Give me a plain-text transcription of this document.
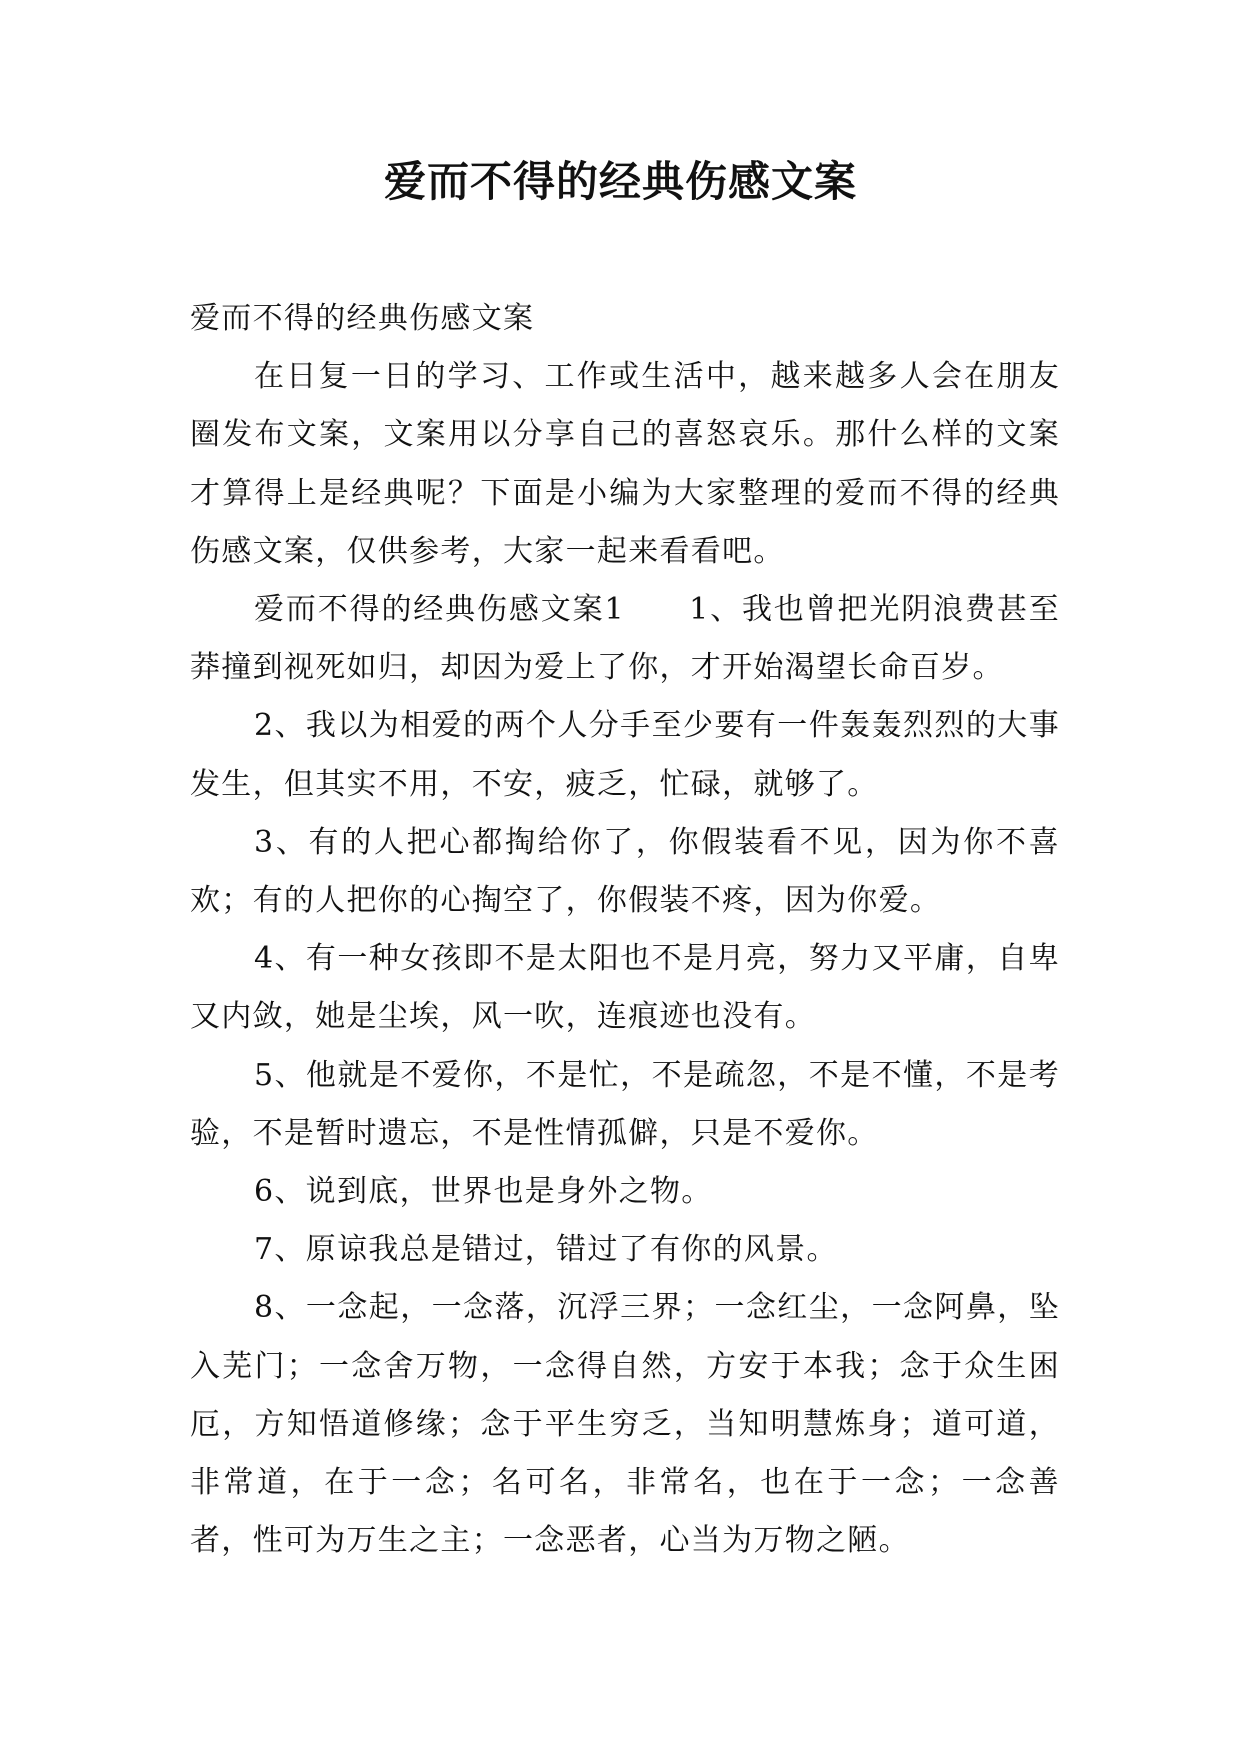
爱而不得的经典伤感文案

爱而不得的经典伤感文案

在日复一日的学习、工作或生活中，越来越多人会在朋友圈发布文案，文案用以分享自己的喜怒哀乐。那什么样的文案才算得上是经典呢？下面是小编为大家整理的爱而不得的经典伤感文案，仅供参考，大家一起来看看吧。

爱而不得的经典伤感文案1　　1、我也曾把光阴浪费甚至莽撞到视死如归，却因为爱上了你，才开始渴望长命百岁。

2、我以为相爱的两个人分手至少要有一件轰轰烈烈的大事发生，但其实不用，不安，疲乏，忙碌，就够了。

3、有的人把心都掏给你了，你假装看不见，因为你不喜欢；有的人把你的心掏空了，你假装不疼，因为你爱。

4、有一种女孩即不是太阳也不是月亮，努力又平庸，自卑又内敛，她是尘埃，风一吹，连痕迹也没有。

5、他就是不爱你，不是忙，不是疏忽，不是不懂，不是考验，不是暂时遗忘，不是性情孤僻，只是不爱你。

6、说到底，世界也是身外之物。

7、原谅我总是错过，错过了有你的风景。

8、一念起，一念落，沉浮三界；一念红尘，一念阿鼻，坠入芜门；一念舍万物，一念得自然，方安于本我；念于众生困厄，方知悟道修缘；念于平生穷乏，当知明慧炼身；道可道，非常道，在于一念；名可名，非常名，也在于一念；一念善者，性可为万生之主；一念恶者，心当为万物之陋。
